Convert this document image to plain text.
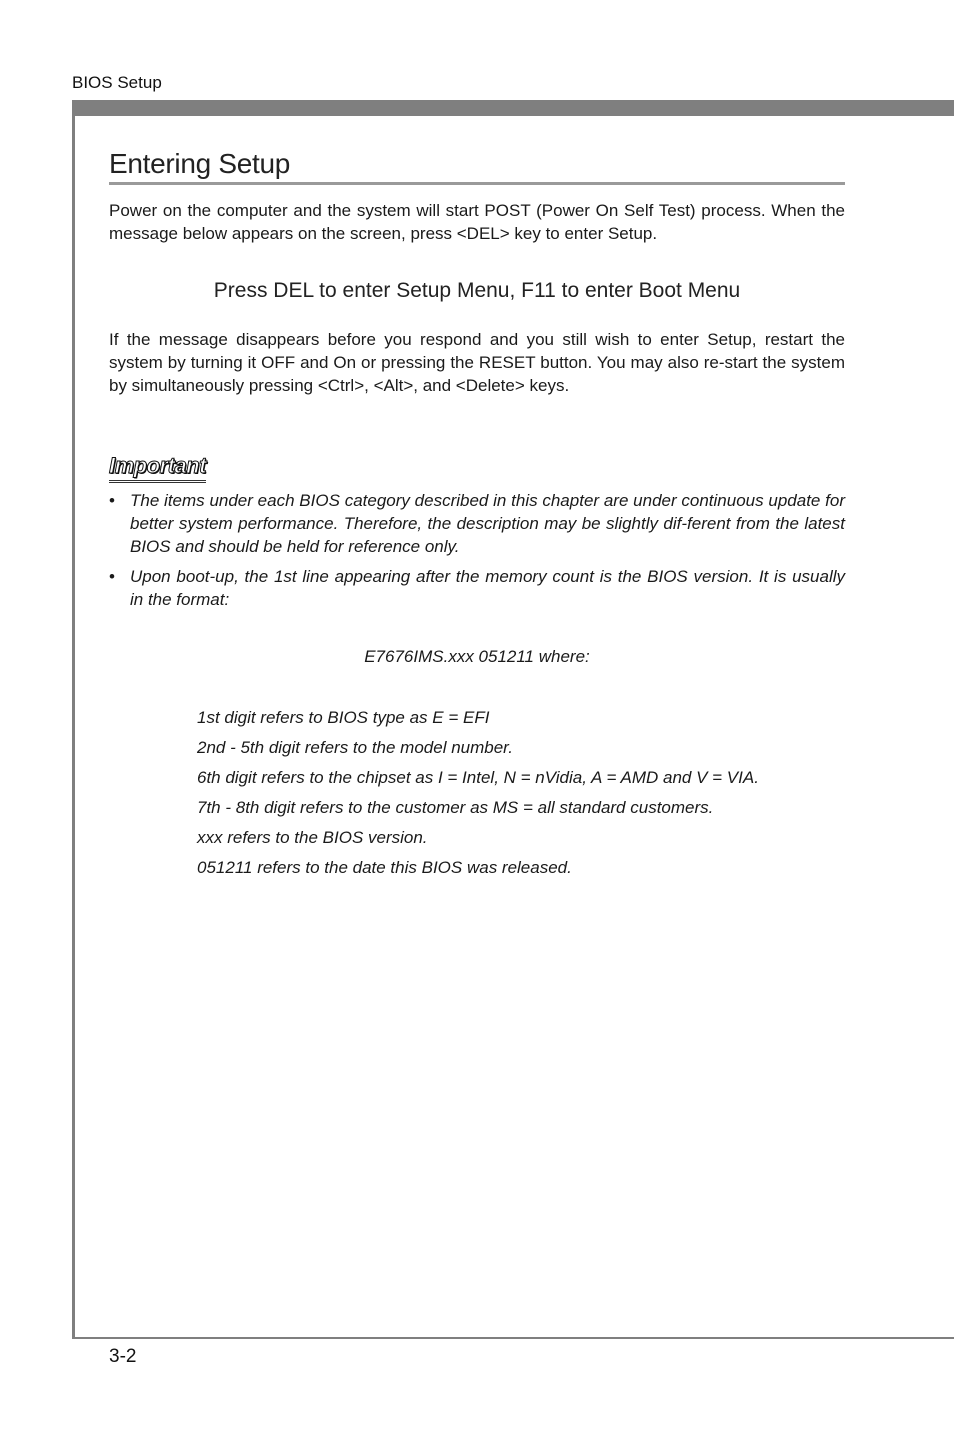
BIOS Setup
Entering Setup

Power on the computer and the system will start POST (Power On Self Test) process. When the message below appears on the screen, press <DEL> key to enter Setup.

Press DEL to enter Setup Menu, F11 to enter Boot Menu

If the message disappears before you respond and you still wish to enter Setup, restart the system by turning it OFF and On or pressing the RESET button. You may also re-start the system by simultaneously pressing <Ctrl>, <Alt>, and <Delete> keys.

Important
• The items under each BIOS category described in this chapter are under continuous update for better system performance. Therefore, the description may be slightly dif-ferent from the latest BIOS and should be held for reference only.
• Upon boot-up, the 1st line appearing after the memory count is the BIOS version. It is usually in the format:

E7676IMS.xxx 051211 where:

1st digit refers to BIOS type as E = EFI
2nd - 5th digit refers to the model number.
6th digit refers to the chipset as I = Intel, N = nVidia, A = AMD and V = VIA.
7th - 8th digit refers to the customer as MS = all standard customers.
xxx refers to the BIOS version.
051211 refers to the date this BIOS was released.
3-2
